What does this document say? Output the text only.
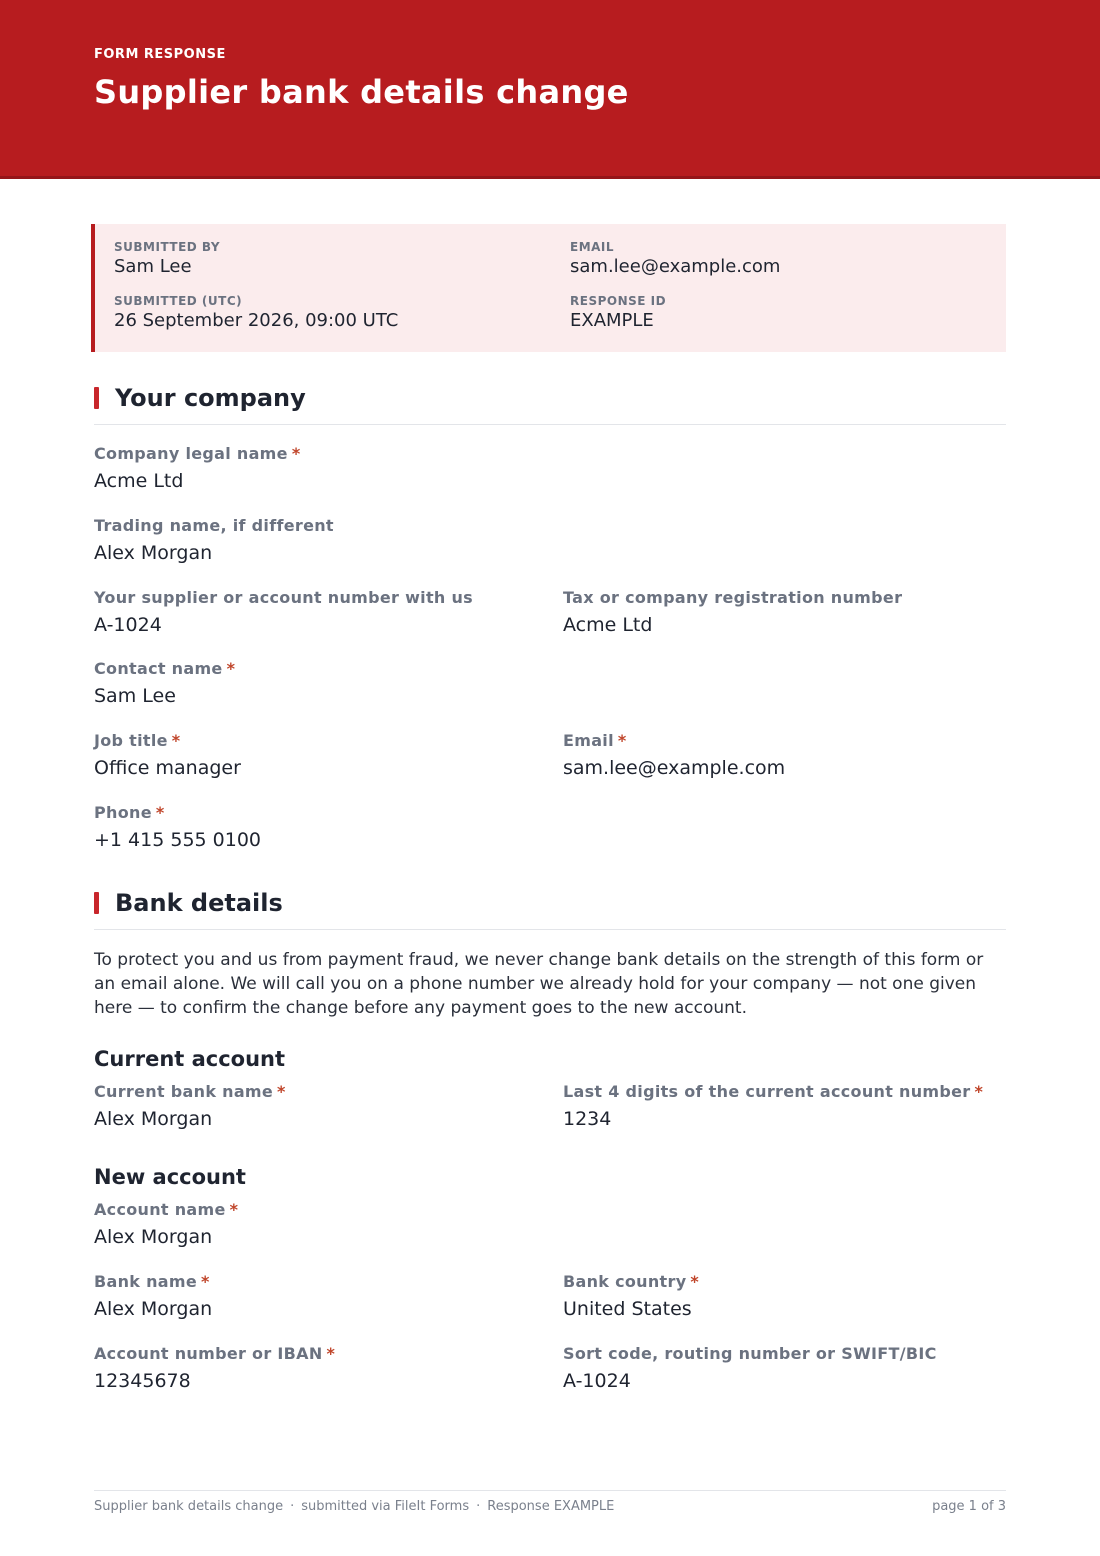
FORM RESPONSE
Supplier bank details change
SUBMITTED BY
Sam Lee
EMAIL
sam.lee@example.com
SUBMITTED (UTC)
26 September 2026, 09:00 UTC
RESPONSE ID
EXAMPLE
Your company
Company legal name *
Acme Ltd
Trading name, if different
Alex Morgan
Your supplier or account number with us
A-1024
Tax or company registration number
Acme Ltd
Contact name *
Sam Lee
Job title *
Office manager
Email *
sam.lee@example.com
Phone *
+1 415 555 0100
Bank details

To protect you and us from payment fraud, we never change bank details on the strength of this form or an email alone. We will call you on a phone number we already hold for your company — not one given here — to confirm the change before any payment goes to the new account.

Current account
Current bank name *
Alex Morgan
Last 4 digits of the current account number *
1234
New account
Account name *
Alex Morgan
Bank name *
Alex Morgan
Bank country *
United States
Account number or IBAN *
12345678
Sort code, routing number or SWIFT/BIC
A-1024
Supplier bank details change · submitted via FileIt Forms · Response EXAMPLE	page 1 of 3
